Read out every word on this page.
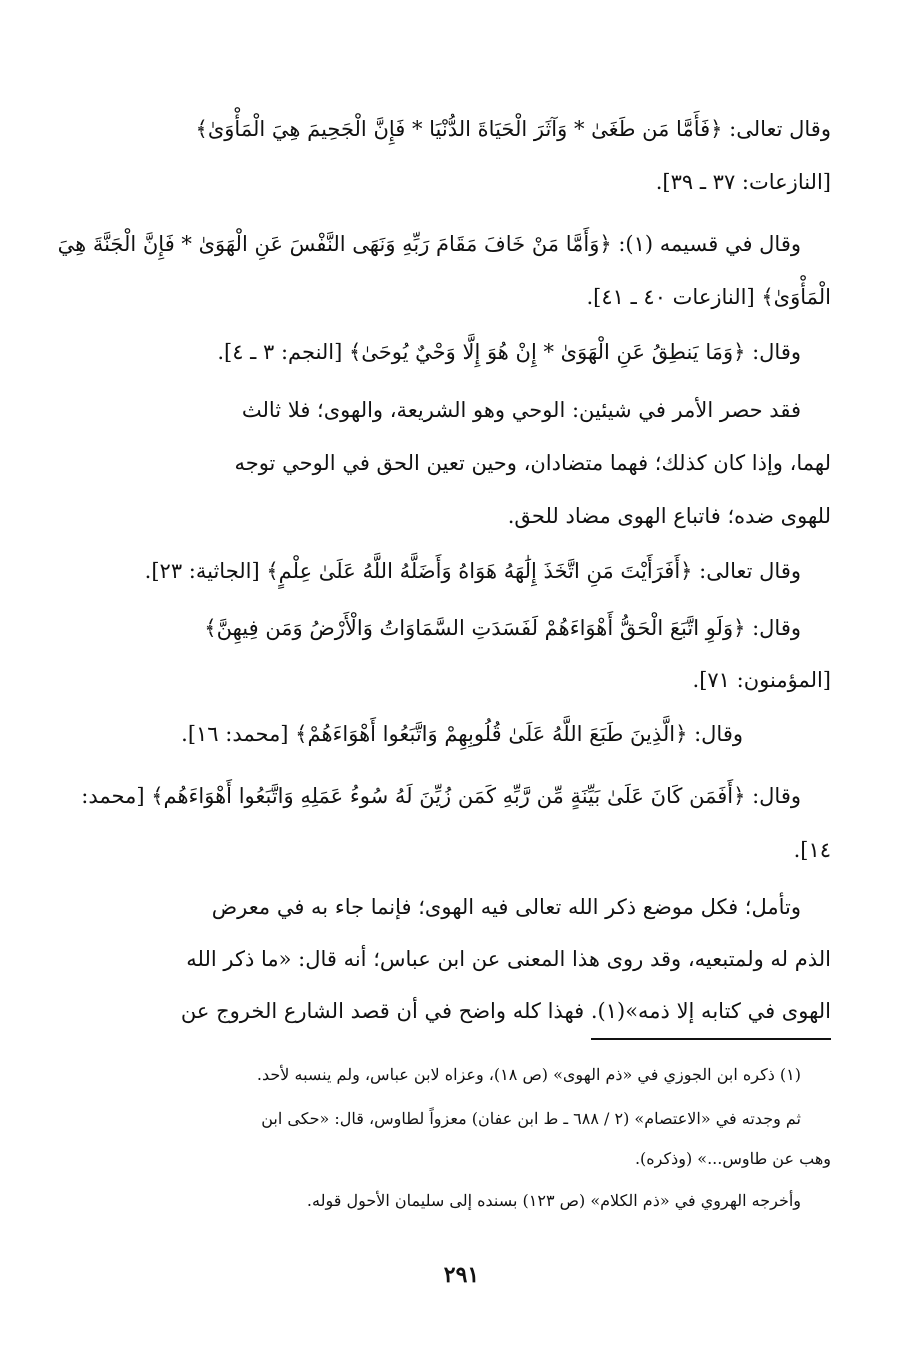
وقال تعالى: ﴿فَأَمَّا مَن طَغَىٰ * وَآثَرَ الْحَيَاةَ الدُّنْيَا * فَإِنَّ الْجَحِيمَ هِيَ الْمَأْوَىٰ﴾
[النازعات: ٣٧ ـ ٣٩].
وقال في قسيمه (١): ﴿وَأَمَّا مَنْ خَافَ مَقَامَ رَبِّهِ وَنَهَى النَّفْسَ عَنِ الْهَوَىٰ * فَإِنَّ الْجَنَّةَ هِيَ
الْمَأْوَىٰ﴾ [النازعات ٤٠ ـ ٤١].
وقال: ﴿وَمَا يَنطِقُ عَنِ الْهَوَىٰ * إِنْ هُوَ إِلَّا وَحْيٌ يُوحَىٰ﴾ [النجم: ٣ ـ ٤].
فقد حصر الأمر في شيئين: الوحي وهو الشريعة، والهوى؛ فلا ثالث
لهما، وإذا كان كذلك؛ فهما متضادان، وحين تعين الحق في الوحي توجه
للهوى ضده؛ فاتباع الهوى مضاد للحق.
وقال تعالى: ﴿أَفَرَأَيْتَ مَنِ اتَّخَذَ إِلَٰهَهُ هَوَاهُ وَأَضَلَّهُ اللَّهُ عَلَىٰ عِلْمٍ﴾ [الجاثية: ٢٣].
وقال: ﴿وَلَوِ اتَّبَعَ الْحَقُّ أَهْوَاءَهُمْ لَفَسَدَتِ السَّمَاوَاتُ وَالْأَرْضُ وَمَن فِيهِنَّ﴾
[المؤمنون: ٧١].
وقال: ﴿الَّذِينَ طَبَعَ اللَّهُ عَلَىٰ قُلُوبِهِمْ وَاتَّبَعُوا أَهْوَاءَهُمْ﴾ [محمد: ١٦].
وقال: ﴿أَفَمَن كَانَ عَلَىٰ بَيِّنَةٍ مِّن رَّبِّهِ كَمَن زُيِّنَ لَهُ سُوءُ عَمَلِهِ وَاتَّبَعُوا أَهْوَاءَهُم﴾ [محمد:
١٤].
وتأمل؛ فكل موضع ذكر الله تعالى فيه الهوى؛ فإنما جاء به في معرض
الذم له ولمتبعيه، وقد روى هذا المعنى عن ابن عباس؛ أنه قال: «ما ذكر الله
الهوى في كتابه إلا ذمه»(١). فهذا كله واضح في أن قصد الشارع الخروج عن
(١) ذكره ابن الجوزي في «ذم الهوى» (ص ١٨)، وعزاه لابن عباس، ولم ينسبه لأحد.
ثم وجدته في «الاعتصام» (٢ / ٦٨٨ ـ ط ابن عفان) معزواً لطاوس، قال: «حكى ابن
وهب عن طاوس...» (وذكره).
وأخرجه الهروي في «ذم الكلام» (ص ١٢٣) بسنده إلى سليمان الأحول قوله.
٢٩١
